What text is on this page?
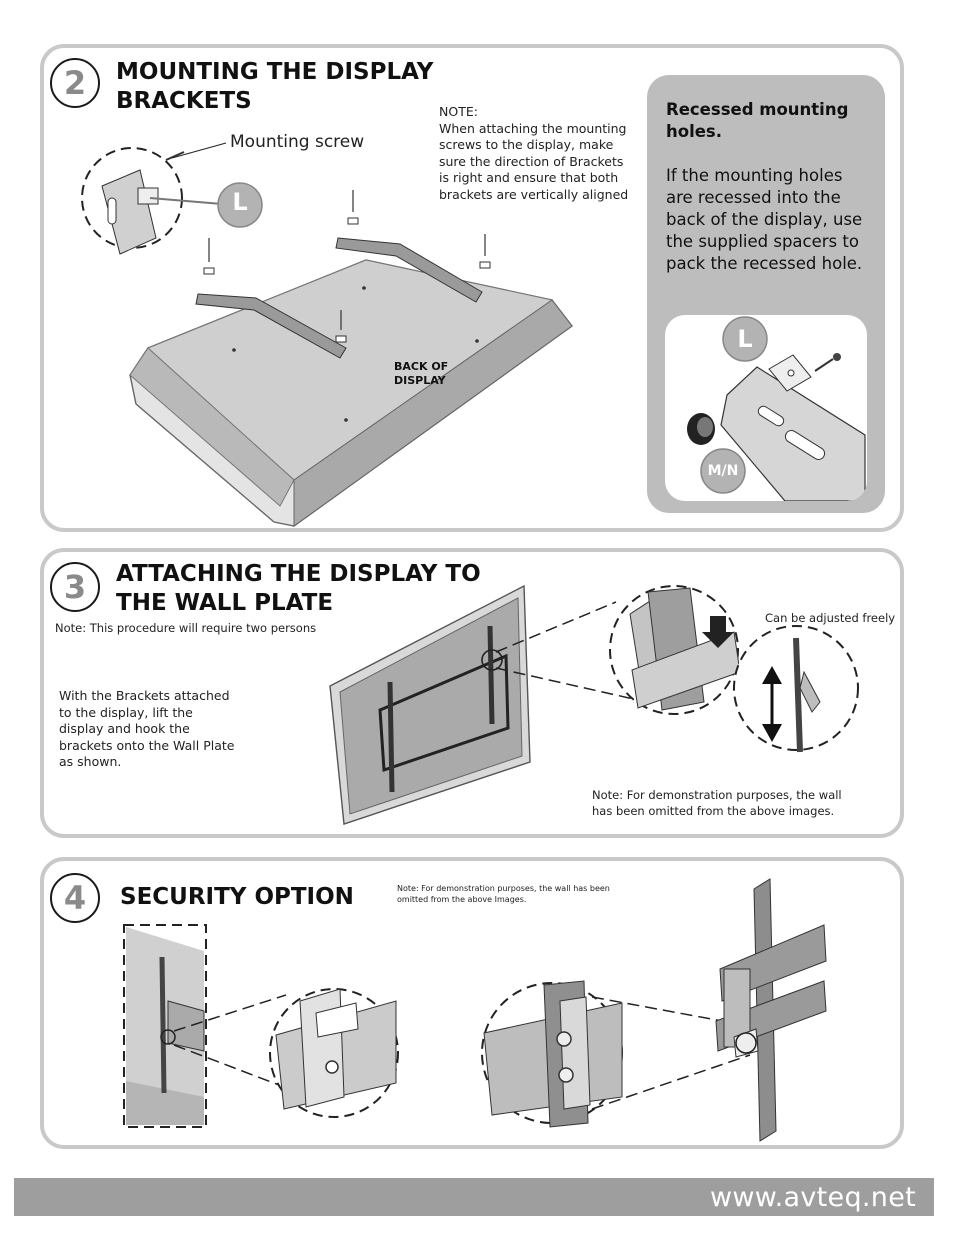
2 MOUNTING THE DISPLAY
BRACKETS	NOTE:
When attaching the mounting
screws to the display, make
sure the direction of Brackets
is right and ensure that both
brackets are vertically aligned
Mounting screw
L
BACK OF
DISPLAY
Recessed mounting
holes.
If the mounting holes
are recessed into the
back of the display, use
the supplied spacers to
pack the recessed hole.
L
M/N
3 ATTACHING THE DISPLAY TO
THE WALL PLATE
Note: This procedure will require two persons
With the Brackets attached
to the display, lift the
display and hook the
brackets onto the Wall Plate
as shown.
Can be adjusted freely
Note: For demonstration purposes, the wall
has been omitted from the above images.
4 SECURITY OPTION	Note: For demonstration purposes, the wall has been
omitted from the above Images.
www.avteq.net
